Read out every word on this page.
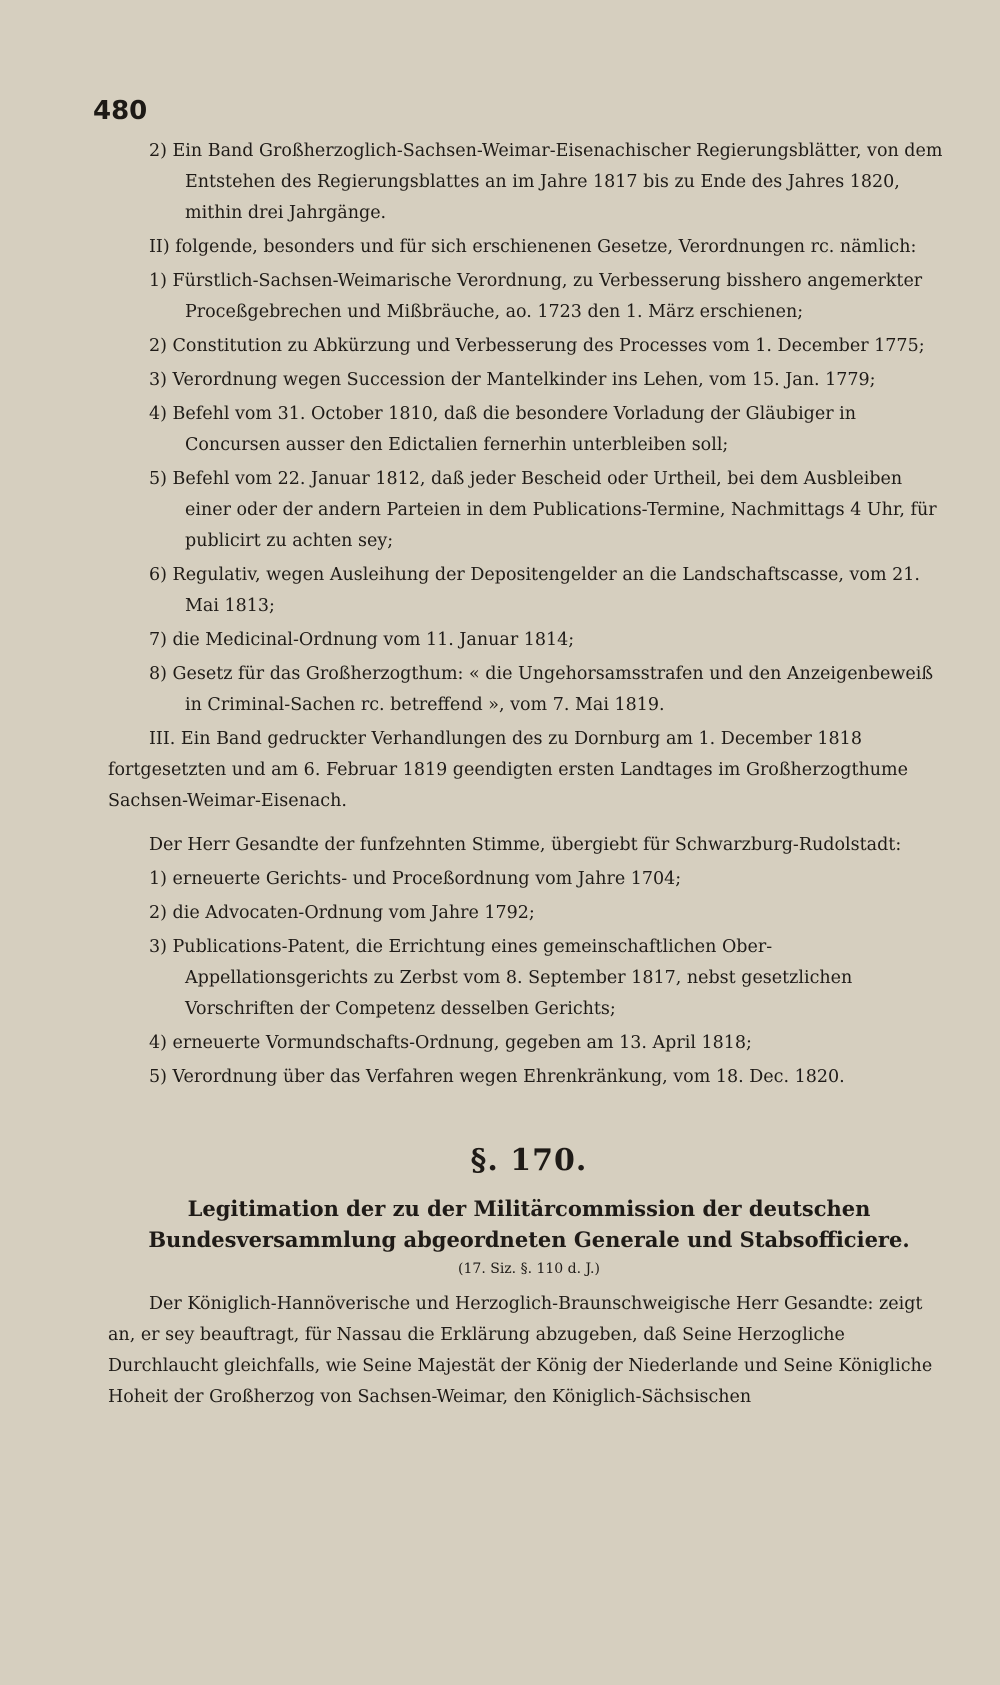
480

2) Ein Band Großherzoglich-Sachsen-Weimar-Eisenachischer Regierungsblätter, von dem Entstehen des Regierungsblattes an im Jahre 1817 bis zu Ende des Jahres 1820, mithin drei Jahrgänge.

II) folgende, besonders und für sich erschienenen Gesetze, Verordnungen rc. nämlich:

1) Fürstlich-Sachsen-Weimarische Verordnung, zu Verbesserung bisshero angemerkter Proceßgebrechen und Mißbräuche, ao. 1723 den 1. März erschienen;

2) Constitution zu Abkürzung und Verbesserung des Processes vom 1. December 1775;

3) Verordnung wegen Succession der Mantelkinder ins Lehen, vom 15. Jan. 1779;

4) Befehl vom 31. October 1810, daß die besondere Vorladung der Gläubiger in Concursen ausser den Edictalien fernerhin unterbleiben soll;

5) Befehl vom 22. Januar 1812, daß jeder Bescheid oder Urtheil, bei dem Ausbleiben einer oder der andern Parteien in dem Publications-Termine, Nachmittags 4 Uhr, für publicirt zu achten sey;

6) Regulativ, wegen Ausleihung der Depositengelder an die Landschaftscasse, vom 21. Mai 1813;

7) die Medicinal-Ordnung vom 11. Januar 1814;

8) Gesetz für das Großherzogthum: « die Ungehorsamsstrafen und den Anzeigenbeweiß in Criminal-Sachen rc. betreffend », vom 7. Mai 1819.

III. Ein Band gedruckter Verhandlungen des zu Dornburg am 1. December 1818 fortgesetzten und am 6. Februar 1819 geendigten ersten Landtages im Großherzogthume Sachsen-Weimar-Eisenach.

Der Herr Gesandte der funfzehnten Stimme, übergiebt für Schwarzburg-Rudolstadt:

1) erneuerte Gerichts- und Proceßordnung vom Jahre 1704;

2) die Advocaten-Ordnung vom Jahre 1792;

3) Publications-Patent, die Errichtung eines gemeinschaftlichen Ober-Appellationsgerichts zu Zerbst vom 8. September 1817, nebst gesetzlichen Vorschriften der Competenz desselben Gerichts;

4) erneuerte Vormundschafts-Ordnung, gegeben am 13. April 1818;

5) Verordnung über das Verfahren wegen Ehrenkränkung, vom 18. Dec. 1820.

§. 170.

Legitimation der zu der Militärcommission der deutschen Bundesversammlung abgeordneten Generale und Stabsofficiere.

(17. Siz. §. 110 d. J.)

Der Königlich-Hannöverische und Herzoglich-Braunschweigische Herr Gesandte: zeigt an, er sey beauftragt, für Nassau die Erklärung abzugeben, daß Seine Herzogliche Durchlaucht gleichfalls, wie Seine Majestät der König der Niederlande und Seine Königliche Hoheit der Großherzog von Sachsen-Weimar, den Königlich-Sächsischen
